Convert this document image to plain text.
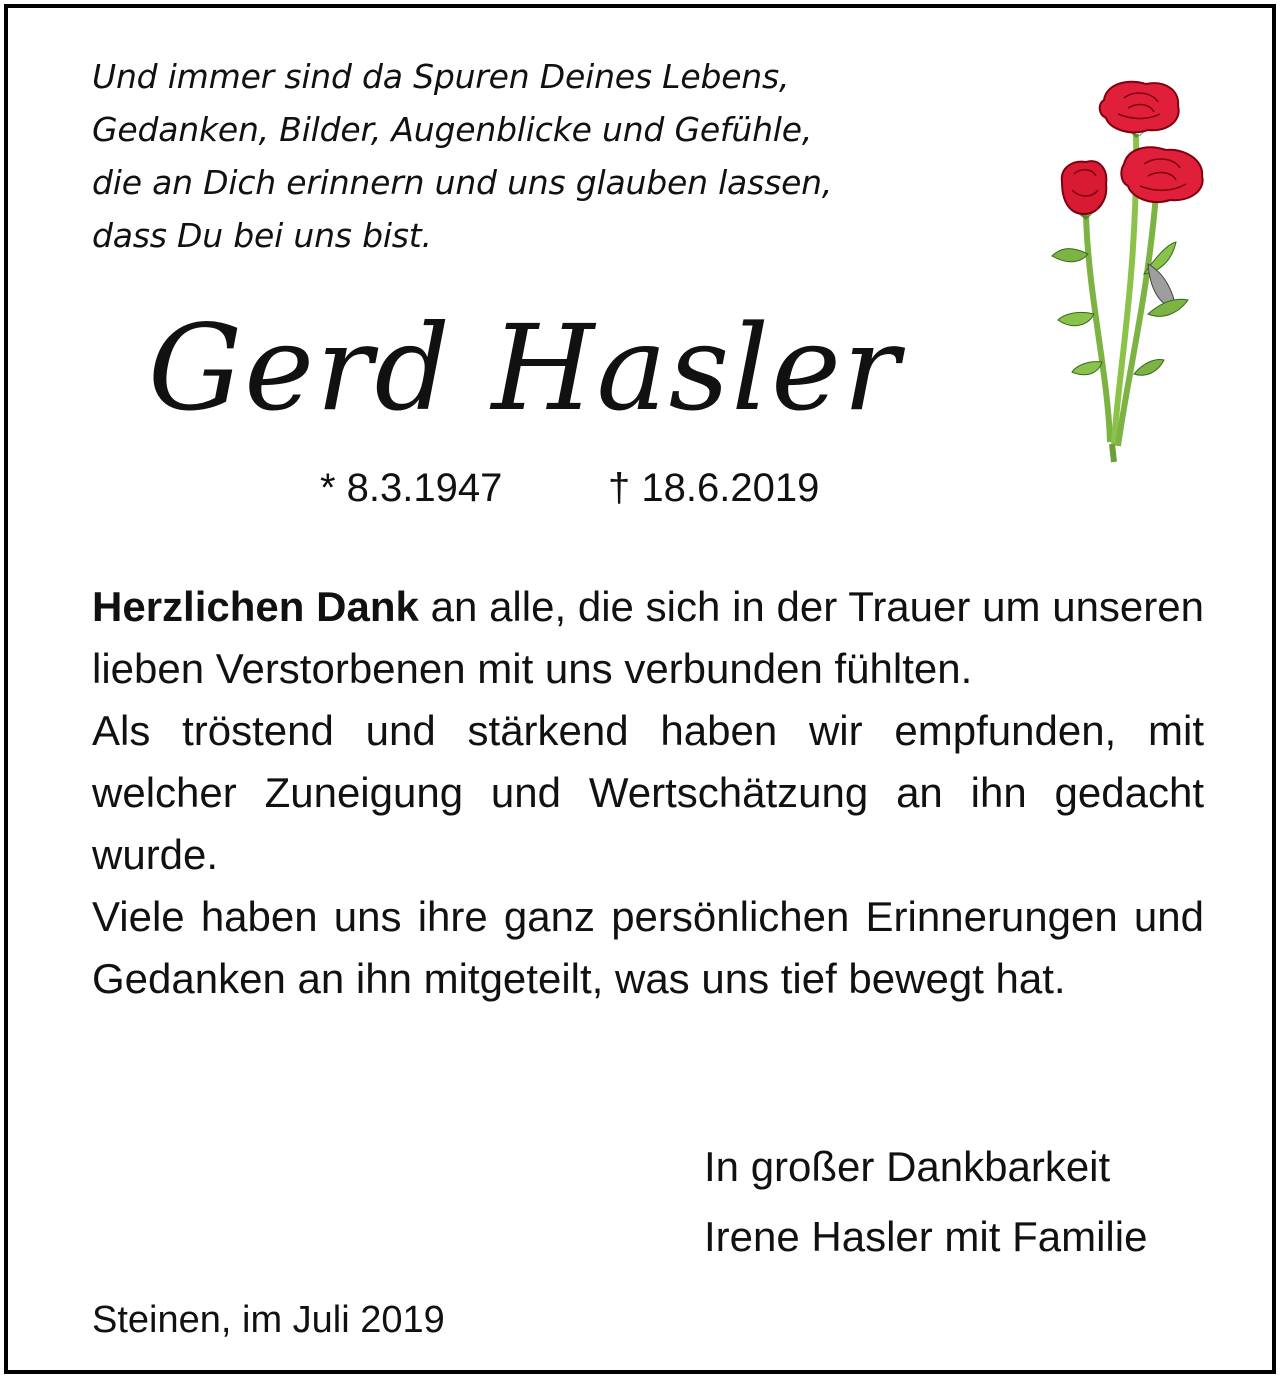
Und immer sind da Spuren Deines Lebens,
Gedanken, Bilder, Augenblicke und Gefühle,
die an Dich erinnern und uns glauben lassen,
dass Du bei uns bist.
Gerd Hasler
* 8.3.1947	† 18.6.2019

Herzlichen Dank an alle, die sich in der Trauer um unseren lieben Verstorbenen mit uns verbunden fühlten.

Als tröstend und stärkend haben wir empfunden, mit welcher Zuneigung und Wertschätzung an ihn gedacht wurde.

Viele haben uns ihre ganz persönlichen Erinnerungen und Gedanken an ihn mitgeteilt, was uns tief bewegt hat.

In großer Dankbarkeit
Irene Hasler mit Familie
Steinen, im Juli 2019
